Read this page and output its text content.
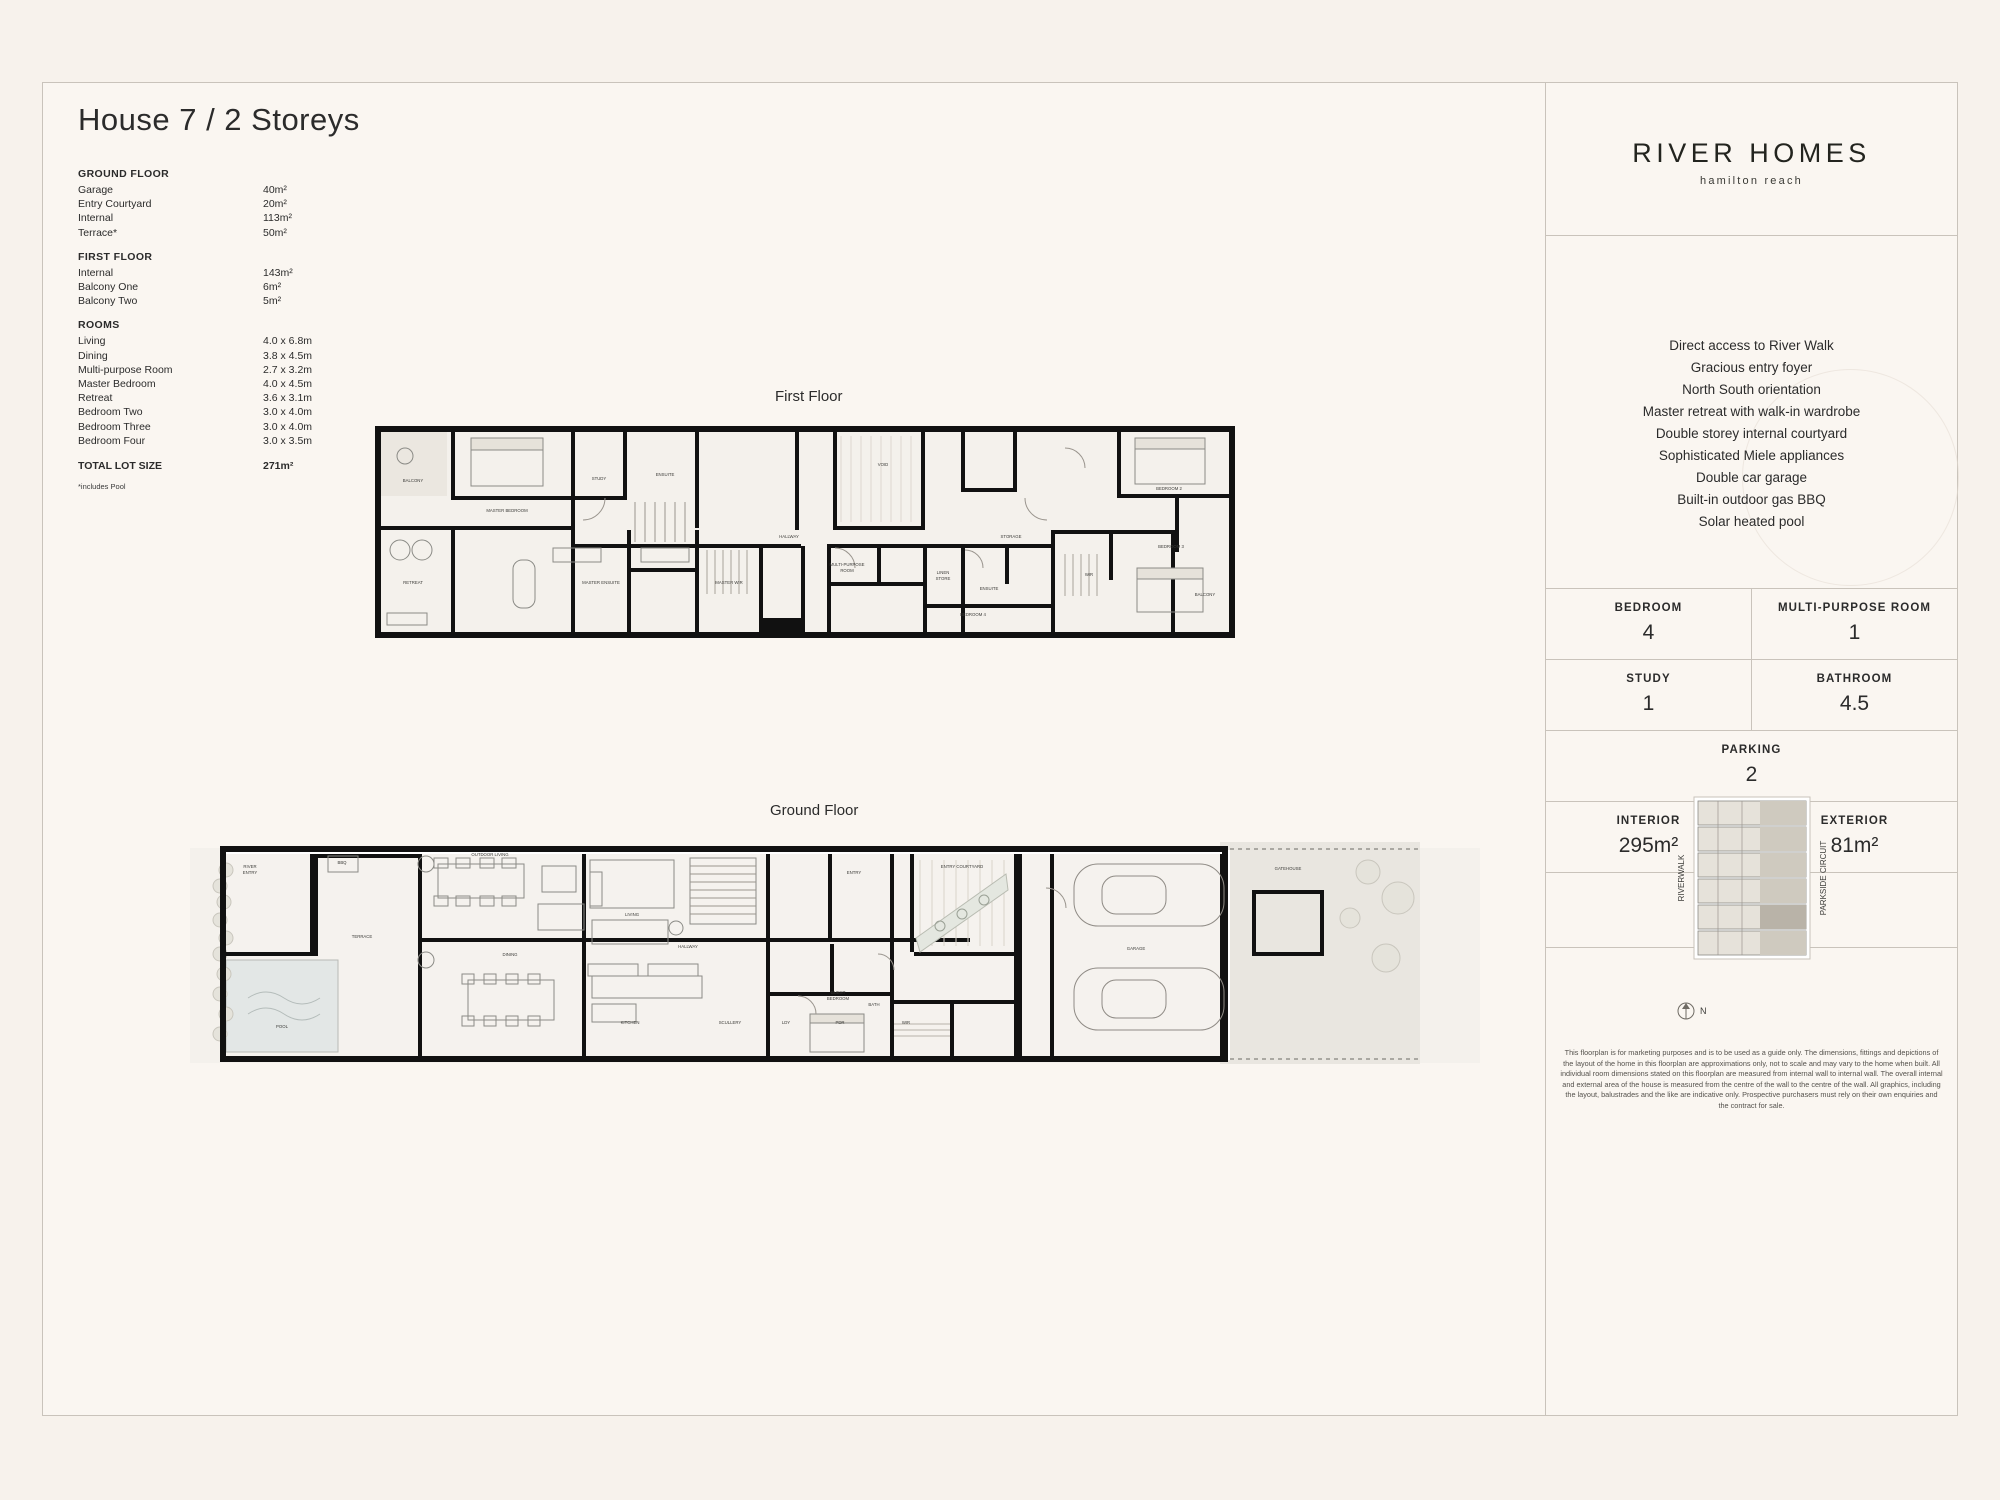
House 7 / 2 Storeys
GROUND FLOOR
Garage	40m²
Entry Courtyard	20m²
Internal	113m²
Terrace*	50m²
FIRST FLOOR
Internal	143m²
Balcony One	6m²
Balcony Two	5m²
ROOMS
Living	4.0 x 6.8m
Dining	3.8 x 4.5m
Multi-purpose Room	2.7 x 3.2m
Master Bedroom	4.0 x 4.5m
Retreat	3.6 x 3.1m
Bedroom Two	3.0 x 4.0m
Bedroom Three	3.0 x 4.0m
Bedroom Four	3.0 x 3.5m
TOTAL LOT SIZE	271m²
*includes Pool
First Floor
BALCONY
MASTER BEDROOM
STUDY
ENSUITE
VOID
BEDROOM 2
HALLWAY
RETREAT	MASTER ENSUITE	MASTER WIR
MULTI-PURPOSE
ROOM	LINEN
STORE
ENSUITE
STORAGE
WIR
BEDROOM 3
BALCONY
BEDROOM 4
Ground Floor
RIVER
ENTRY
BBQ
OUTDOOR LIVING
TERRACE
LIVING
ENTRY
ENTRY COURTYARD
GARAGE
GATEHOUSE
DINING
KITCHEN	SCULLERY	LDY	PDR
BATH
GUEST
BEDROOM
HALLWAY
POOL
WIR
RIVER HOMES
hamilton reach
Direct access to River Walk
Gracious entry foyer
North South orientation
Master retreat with walk-in wardrobe
Double storey internal courtyard
Sophisticated Miele appliances
Double car garage
Built-in outdoor gas BBQ
Solar heated pool
BEDROOM
4
MULTI-PURPOSE ROOM
1
STUDY
1
BATHROOM
4.5
PARKING
2
INTERIOR
295m²
EXTERIOR
81m²
RIVERWALK	PARKSIDE CIRCUIT
N
This floorplan is for marketing purposes and is to be used as a guide only. The dimensions, fittings and depictions of the layout of the home in this floorplan are approximations only, not to scale and may vary to the home when built. All individual room dimensions stated on this floorplan are measured from internal wall to internal wall. The overall internal and external area of the house is measured from the centre of the wall to the centre of the wall. All graphics, including the layout, balustrades and the like are indicative only. Prospective purchasers must rely on their own enquiries and the contract for sale.
